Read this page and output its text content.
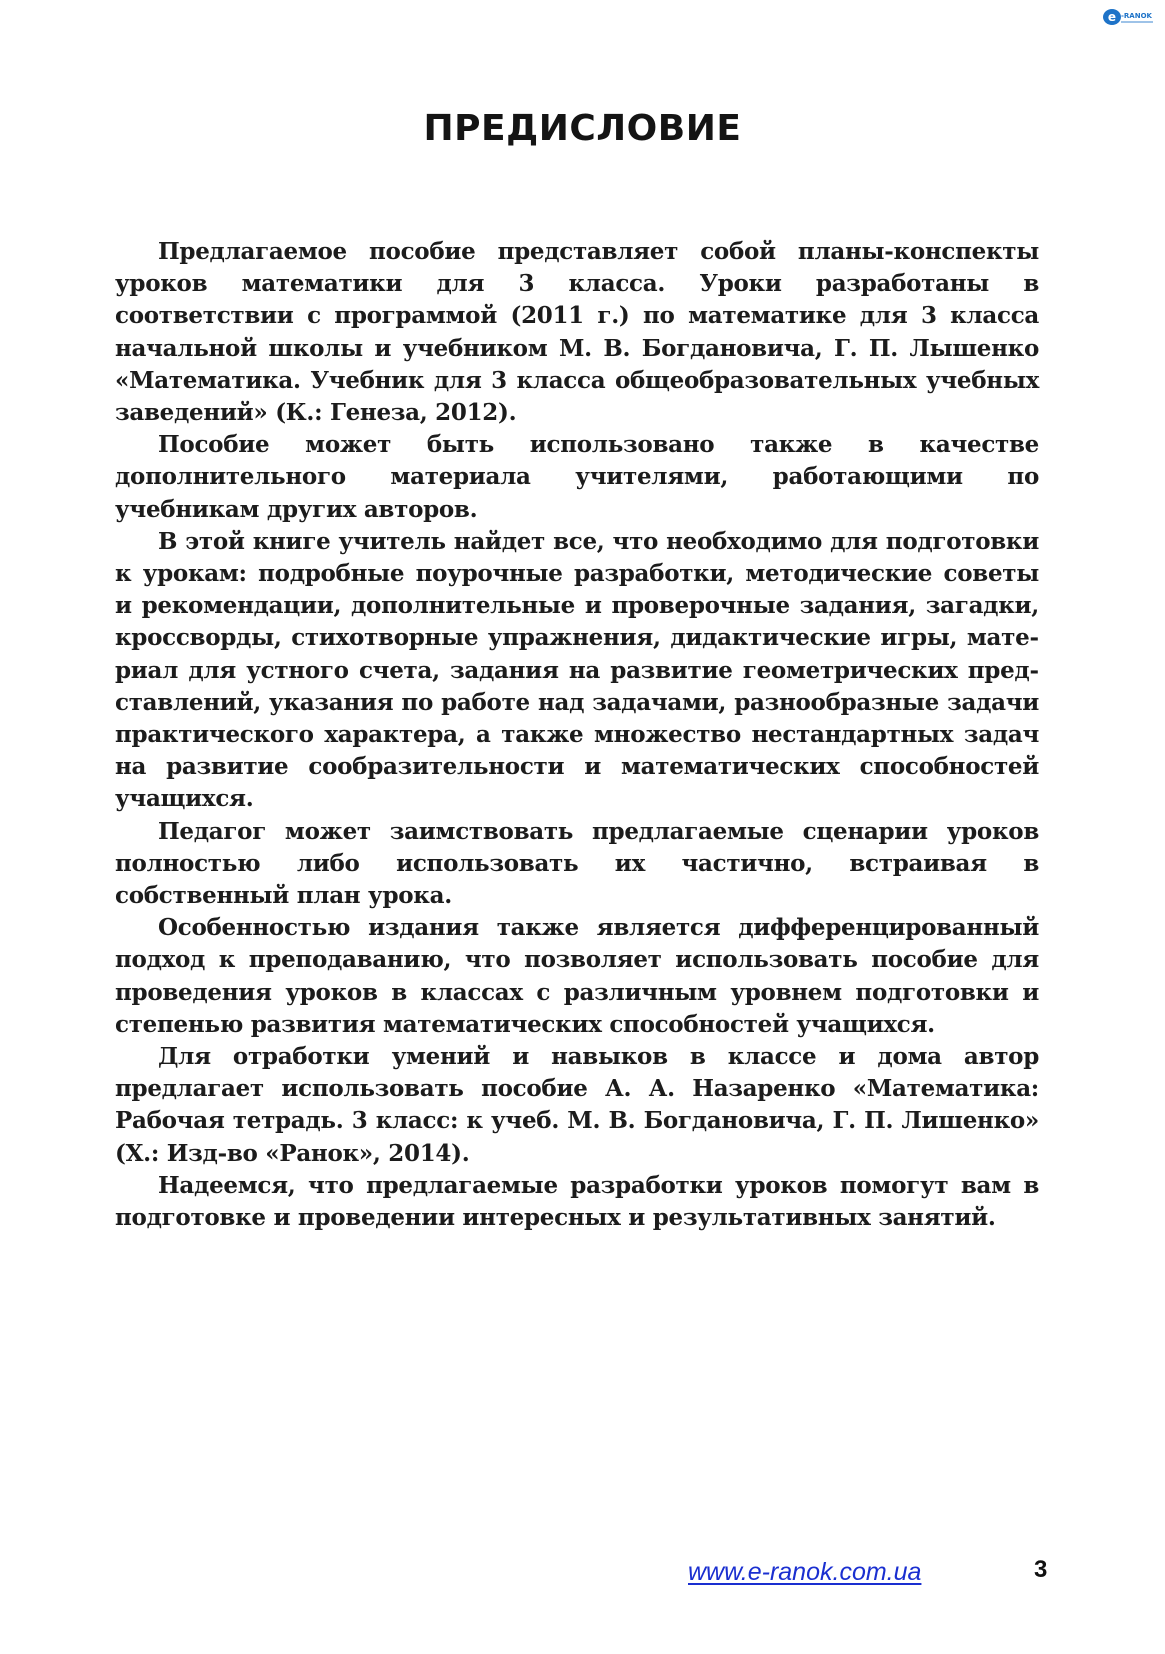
e -RANOK
ПРЕДИСЛОВИЕ

Предлагаемое пособие представляет собой планы-конспекты уроков математики для 3 класса. Уроки разработаны в соответствии с программой (2011 г.) по математике для 3 класса начальной школы и учебником М. В. Богдановича, Г. П. Лышенко «Математика. Учебник для 3 класса общеобразовательных учебных заведений» (К.: Генеза, 2012).

Пособие может быть использовано также в качестве дополнительного материала учителями, работающими по учебникам других авторов.

В этой книге учитель найдет все, что необходимо для подготовки к урокам: подробные поурочные разработки, методические советы и рекомендации, дополнительные и проверочные задания, загадки, кроссворды, стихотворные упражнения, дидактические игры, материал для устного счета, задания на развитие геометрических представлений, указания по работе над задачами, разнообразные задачи практического характера, а также множество нестандартных задач на развитие сообразительности и математических способностей учащихся.

Педагог может заимствовать предлагаемые сценарии уроков полностью либо использовать их частично, встраивая в собственный план урока.

Особенностью издания также является дифференцированный подход к преподаванию, что позволяет использовать пособие для проведения уроков в классах с различным уровнем подготовки и степенью развития математических способностей учащихся.

Для отработки умений и навыков в классе и дома автор предлагает использовать пособие А. А. Назаренко «Математика: Рабочая тетрадь. 3 класс: к учеб. М. В. Богдановича, Г. П. Лишенко» (Х.: Изд-во «Ранок», 2014).

Надеемся, что предлагаемые разработки уроков помогут вам в подготовке и проведении интересных и результативных занятий.

www.e-ranok.com.ua	3
